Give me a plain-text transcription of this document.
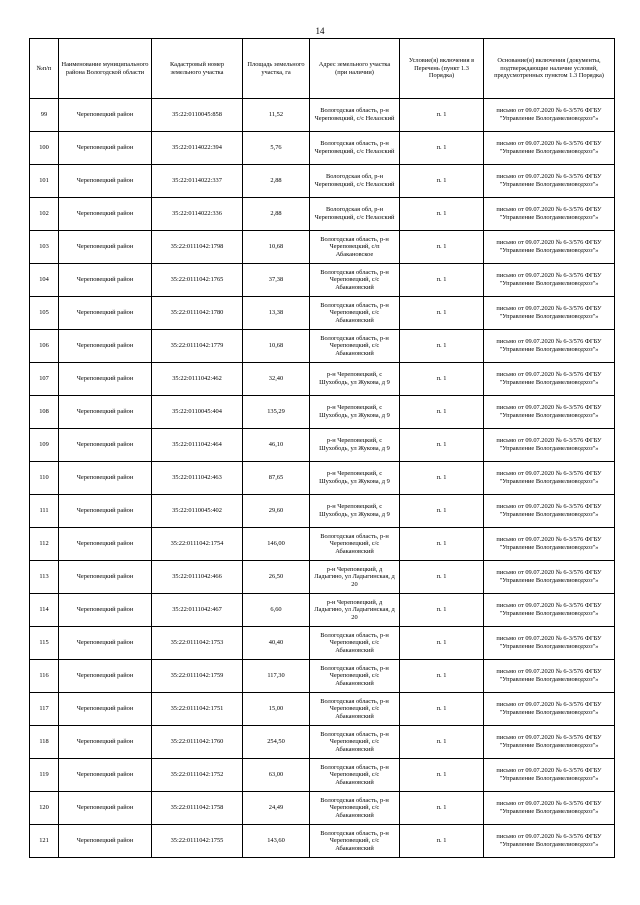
14
№п/п	Наименование муниципального района Вологодской области	Кадастровый номер земельного участка	Площадь земельного участка, га	Адрес земельного участка (при наличии)	Условие(я) включения в Перечень (пункт 1.3 Порядка)	Основание(я) включения (документы, подтверждающие наличие условий, предусмотренных пунктом 1.3 Порядка)
99	Череповецкий район	35:22:0110045:858	11,52	Вологодская область, р-н Череповецкий, с/с Нелазский	п. 1	письмо от 09.07.2020 № 6-3/576 ФГБУ "Управление Вологдамелиоводхоз"»
100	Череповецкий район	35:22:0114022:394	5,76	Вологодская область, р-н Череповецкий, с/с Нелазский	п. 1	письмо от 09.07.2020 № 6-3/576 ФГБУ "Управление Вологдамелиоводхоз"»
101	Череповецкий район	35:22:0114022:337	2,88	Вологодская обл, р-н Череповецкий, с/с Нелазский	п. 1	письмо от 09.07.2020 № 6-3/576 ФГБУ "Управление Вологдамелиоводхоз"»
102	Череповецкий район	35:22:0114022:336	2,88	Вологодская обл, р-н Череповецкий, с/с Нелазский	п. 1	письмо от 09.07.2020 № 6-3/576 ФГБУ "Управление Вологдамелиоводхоз"»
103	Череповецкий район	35:22:0111042:1798	10,68	Вологодская область, р-н Череповецкий, с/п Абакановское	п. 1	письмо от 09.07.2020 № 6-3/576 ФГБУ "Управление Вологдамелиоводхоз"»
104	Череповецкий район	35:22:0111042:1765	37,38	Вологодская область, р-н Череповецкий, с/с Абакановский	п. 1	письмо от 09.07.2020 № 6-3/576 ФГБУ "Управление Вологдамелиоводхоз"»
105	Череповецкий район	35:22:0111042:1780	13,38	Вологодская область, р-н Череповецкий, с/с Абакановский	п. 1	письмо от 09.07.2020 № 6-3/576 ФГБУ "Управление Вологдамелиоводхоз"»
106	Череповецкий район	35:22:0111042:1779	10,68	Вологодская область, р-н Череповецкий, с/с Абакановский	п. 1	письмо от 09.07.2020 № 6-3/576 ФГБУ "Управление Вологдамелиоводхоз"»
107	Череповецкий район	35:22:0111042:462	32,40	р-н Череповецкий, с Шухободь, ул Жукова, д 9	п. 1	письмо от 09.07.2020 № 6-3/576 ФГБУ "Управление Вологдамелиоводхоз"»
108	Череповецкий район	35:22:0110045:404	135,29	р-н Череповецкий, с Шухободь, ул Жукова, д 9	п. 1	письмо от 09.07.2020 № 6-3/576 ФГБУ "Управление Вологдамелиоводхоз"»
109	Череповецкий район	35:22:0111042:464	46,10	р-н Череповецкий, с Шухободь, ул Жукова, д 9	п. 1	письмо от 09.07.2020 № 6-3/576 ФГБУ "Управление Вологдамелиоводхоз"»
110	Череповецкий район	35:22:0111042:463	87,65	р-н Череповецкий, с Шухободь, ул Жукова, д 9	п. 1	письмо от 09.07.2020 № 6-3/576 ФГБУ "Управление Вологдамелиоводхоз"»
111	Череповецкий район	35:22:0110045:402	29,60	р-н Череповецкий, с Шухободь, ул Жукова, д 9	п. 1	письмо от 09.07.2020 № 6-3/576 ФГБУ "Управление Вологдамелиоводхоз"»
112	Череповецкий район	35:22:0111042:1754	146,00	Вологодская область, р-н Череповецкий, с/с Абакановский	п. 1	письмо от 09.07.2020 № 6-3/576 ФГБУ "Управление Вологдамелиоводхоз"»
113	Череповецкий район	35:22:0111042:466	26,50	р-н Череповецкий, д Ладыгино, ул Ладыгинская, д 20	п. 1	письмо от 09.07.2020 № 6-3/576 ФГБУ "Управление Вологдамелиоводхоз"»
114	Череповецкий район	35:22:0111042:467	6,60	р-н Череповецкий, д Ладыгино, ул Ладыгинская, д 20	п. 1	письмо от 09.07.2020 № 6-3/576 ФГБУ "Управление Вологдамелиоводхоз"»
115	Череповецкий район	35:22:0111042:1753	40,40	Вологодская область, р-н Череповецкий, с/с Абакановский	п. 1	письмо от 09.07.2020 № 6-3/576 ФГБУ "Управление Вологдамелиоводхоз"»
116	Череповецкий район	35:22:0111042:1759	117,30	Вологодская область, р-н Череповецкий, с/с Абакановский	п. 1	письмо от 09.07.2020 № 6-3/576 ФГБУ "Управление Вологдамелиоводхоз"»
117	Череповецкий район	35:22:0111042:1751	15,00	Вологодская область, р-н Череповецкий, с/с Абакановский	п. 1	письмо от 09.07.2020 № 6-3/576 ФГБУ "Управление Вологдамелиоводхоз"»
118	Череповецкий район	35:22:0111042:1760	254,50	Вологодская область, р-н Череповецкий, с/с Абакановский	п. 1	письмо от 09.07.2020 № 6-3/576 ФГБУ "Управление Вологдамелиоводхоз"»
119	Череповецкий район	35:22:0111042:1752	63,00	Вологодская область, р-н Череповецкий, с/с Абакановский	п. 1	письмо от 09.07.2020 № 6-3/576 ФГБУ "Управление Вологдамелиоводхоз"»
120	Череповецкий район	35:22:0111042:1758	24,49	Вологодская область, р-н Череповецкий, с/с Абакановский	п. 1	письмо от 09.07.2020 № 6-3/576 ФГБУ "Управление Вологдамелиоводхоз"»
121	Череповецкий район	35:22:0111042:1755	143,60	Вологодская область, р-н Череповецкий, с/с Абакановский	п. 1	письмо от 09.07.2020 № 6-3/576 ФГБУ "Управление Вологдамелиоводхоз"»
